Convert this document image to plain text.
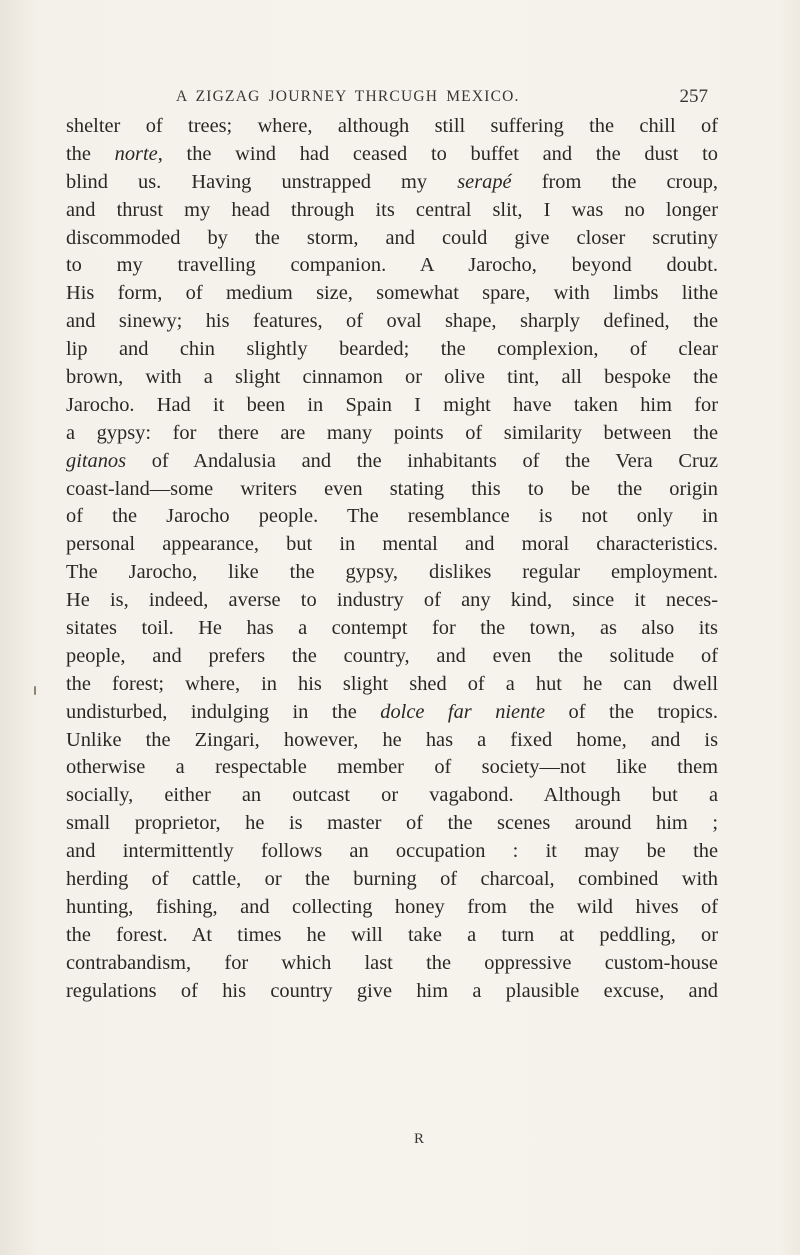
A ZIGZAG JOURNEY THRCUGH MEXICO.	257
shelter of trees; where, although still suffering the chill of
the norte, the wind had ceased to buffet and the dust to
blind us. Having unstrapped my serapé from the croup,
and thrust my head through its central slit, I was no longer
discommoded by the storm, and could give closer scrutiny
to my travelling companion. A Jarocho, beyond doubt.
His form, of medium size, somewhat spare, with limbs lithe
and sinewy; his features, of oval shape, sharply defined, the
lip and chin slightly bearded; the complexion, of clear
brown, with a slight cinnamon or olive tint, all bespoke the
Jarocho. Had it been in Spain I might have taken him for
a gypsy: for there are many points of similarity between the
gitanos of Andalusia and the inhabitants of the Vera Cruz
coast-land—some writers even stating this to be the origin
of the Jarocho people. The resemblance is not only in
personal appearance, but in mental and moral characteristics.
The Jarocho, like the gypsy, dislikes regular employment.
He is, indeed, averse to industry of any kind, since it neces-
sitates toil. He has a contempt for the town, as also its
people, and prefers the country, and even the solitude of
the forest; where, in his slight shed of a hut he can dwell
undisturbed, indulging in the dolce far niente of the tropics.
Unlike the Zingari, however, he has a fixed home, and is
otherwise a respectable member of society—not like them
socially, either an outcast or vagabond. Although but a
small proprietor, he is master of the scenes around him ;
and intermittently follows an occupation : it may be the
herding of cattle, or the burning of charcoal, combined with
hunting, fishing, and collecting honey from the wild hives of
the forest. At times he will take a turn at peddling, or
contrabandism, for which last the oppressive custom-house
regulations of his country give him a plausible excuse, and
R
